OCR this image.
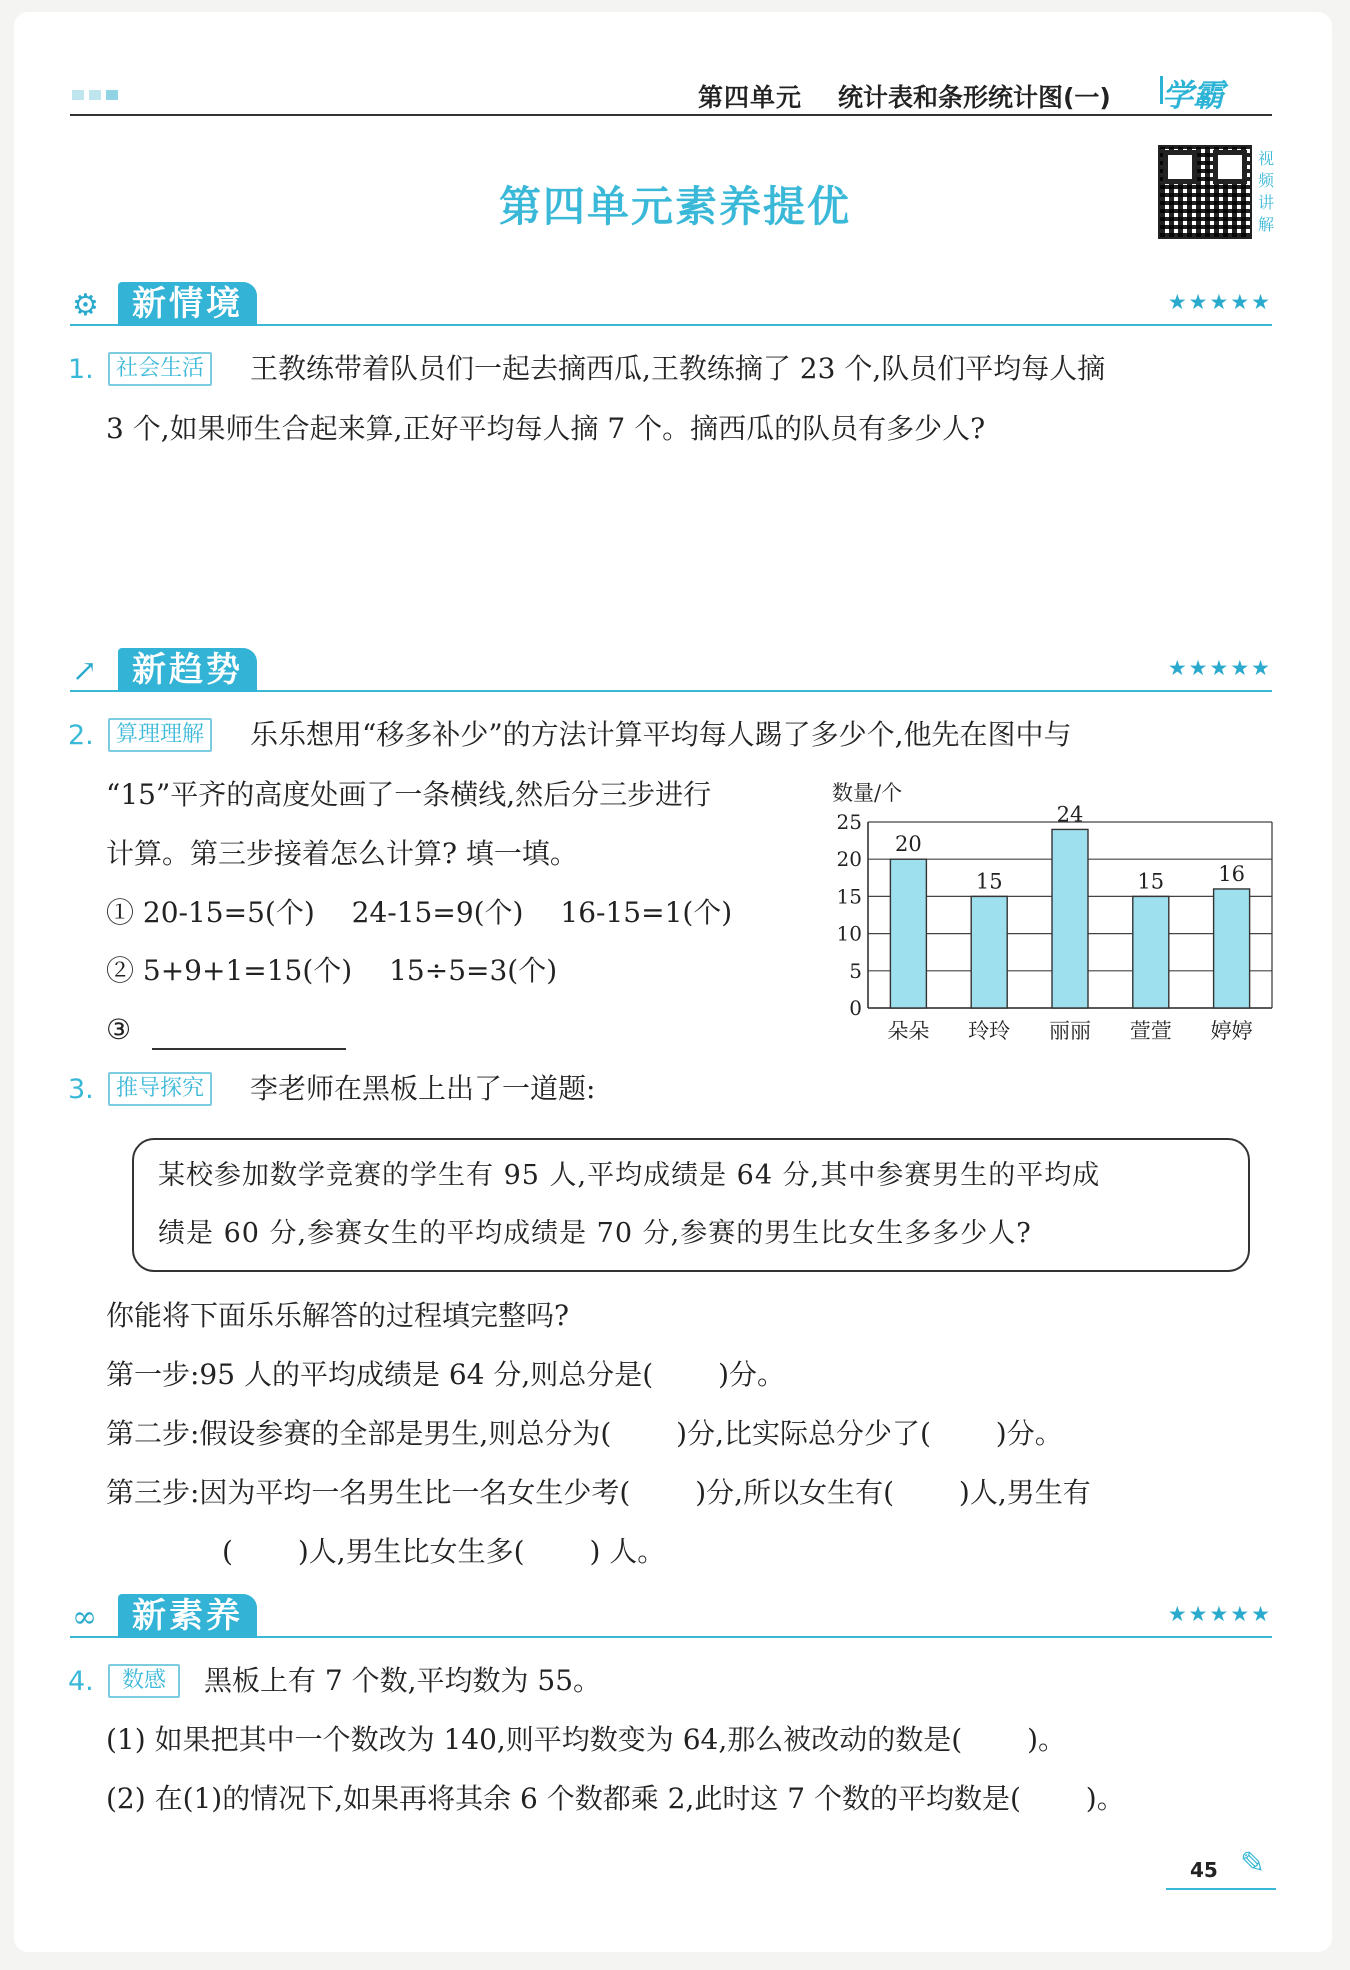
第四单元 统计表和条形统计图(一) 学霸
第四单元素养提优
视频讲解
⚙ 新情境	★★★★★
1.	社会生活 王教练带着队员们一起去摘西瓜,王教练摘了 23 个,队员们平均每人摘
3 个,如果师生合起来算,正好平均每人摘 7 个。摘西瓜的队员有多少人?
↗	新趋势	★★★★★
2.	算理理解 乐乐想用“移多补少”的方法计算平均每人踢了多少个,他先在图中与
“15”平齐的高度处画了一条横线,然后分三步进行
计算。第三步接着怎么计算? 填一填。
① 20-15=5(个)　 24-15=9(个)　 16-15=1(个)
② 5+9+1=15(个)　 15÷5=3(个)
③
数量/个
0
5
10
15
20
25
20
朵朵
15
玲玲
24
丽丽
15
萱萱
16
婷婷
3.	推导探究 李老师在黑板上出了一道题:
某校参加数学竞赛的学生有 95 人,平均成绩是 64 分,其中参赛男生的平均成
绩是 60 分,参赛女生的平均成绩是 70 分,参赛的男生比女生多多少人?
你能将下面乐乐解答的过程填完整吗?
第一步:95 人的平均成绩是 64 分,则总分是(　　 )分。
第二步:假设参赛的全部是男生,则总分为(　　 )分,比实际总分少了(　　 )分。
第三步:因为平均一名男生比一名女生少考(　　 )分,所以女生有(　　 )人,男生有
(　　 )人,男生比女生多(　　 ) 人。
∞	新素养	★★★★★
4.	数感	黑板上有 7 个数,平均数为 55。
(1) 如果把其中一个数改为 140,则平均数变为 64,那么被改动的数是(　　 )。
(2) 在(1)的情况下,如果再将其余 6 个数都乘 2,此时这 7 个数的平均数是(　　 )。
45 ✎
